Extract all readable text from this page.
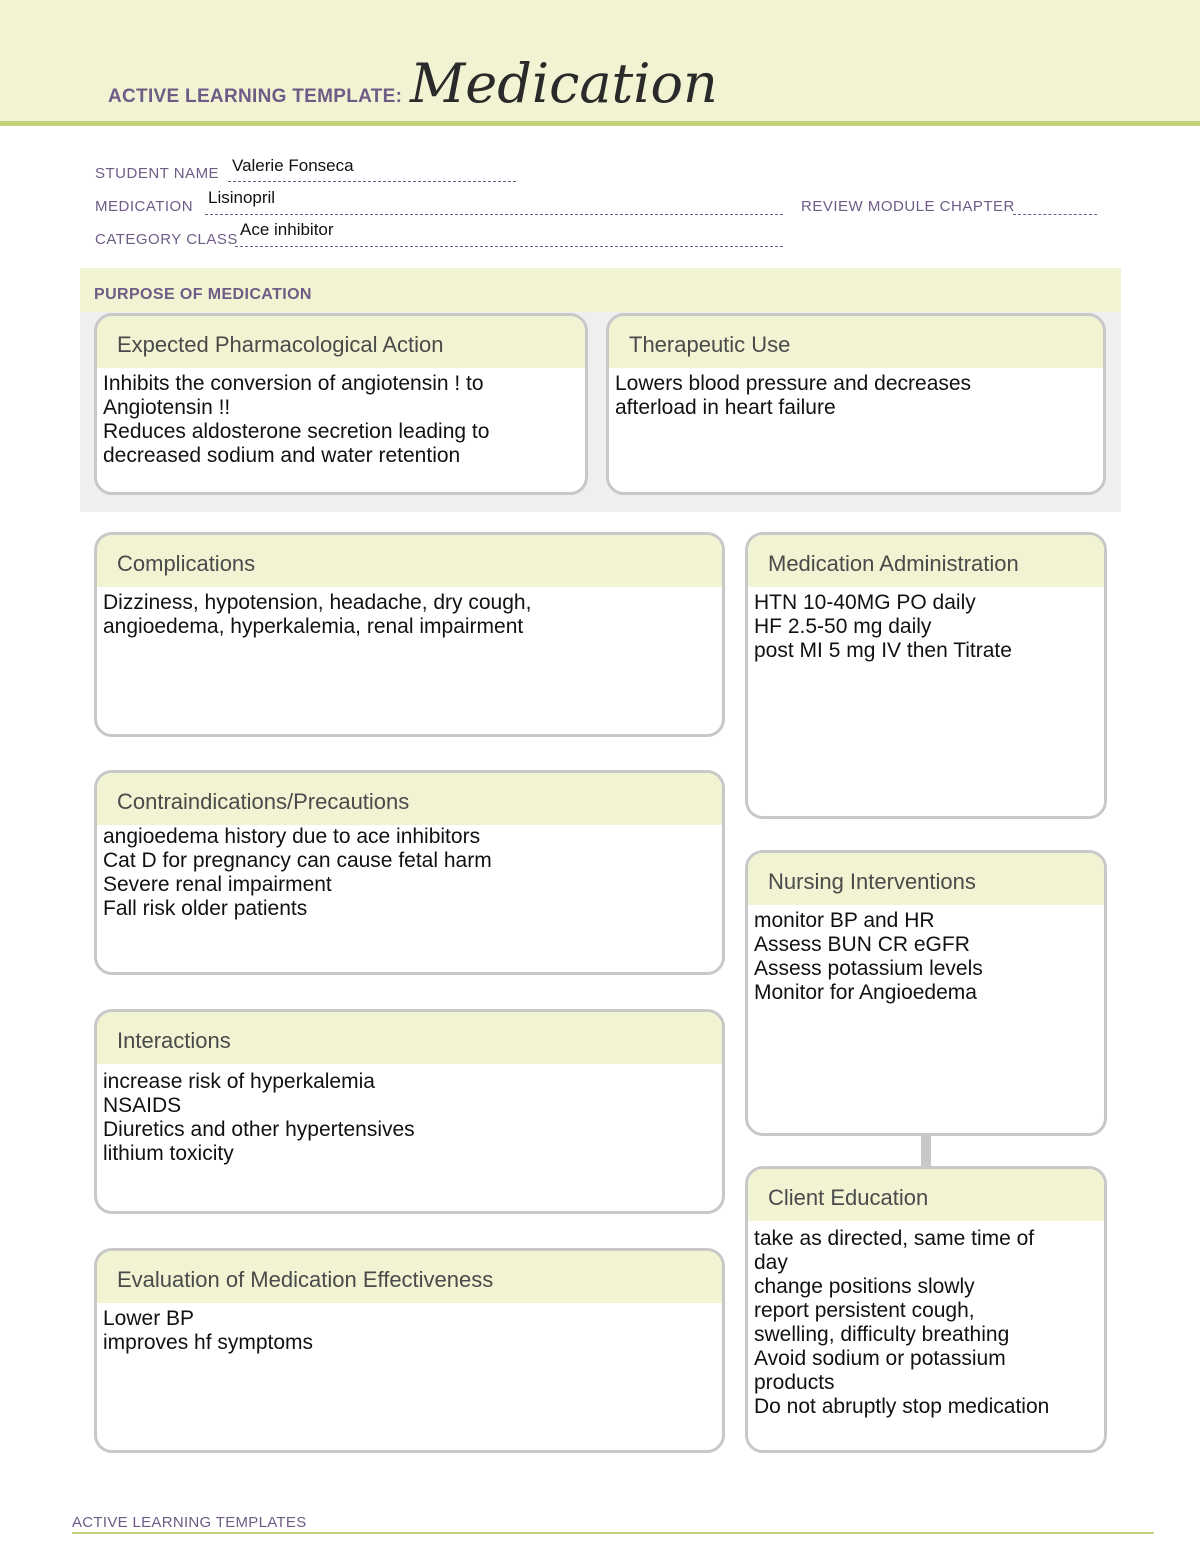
ACTIVE LEARNING TEMPLATE: Medication
STUDENT NAME Valerie Fonseca
MEDICATION Lisinopril	REVIEW MODULE CHAPTER
CATEGORY CLASS
Ace inhibitor
PURPOSE OF MEDICATION
Expected Pharmacological Action
Inhibits the conversion of angiotensin ! to
Angiotensin !!
Reduces aldosterone secretion leading to
decreased sodium and water retention
Therapeutic Use
Lowers blood pressure and decreases
afterload in heart failure
Complications
Dizziness, hypotension, headache, dry cough,
angioedema, hyperkalemia, renal impairment
Contraindications/Precautions
angioedema history due to ace inhibitors
Cat D for pregnancy can cause fetal harm
Severe renal impairment
Fall risk older patients
Interactions
increase risk of hyperkalemia
NSAIDS
Diuretics and other hypertensives
lithium toxicity
Evaluation of Medication Effectiveness
Lower BP
improves hf symptoms
Medication Administration
HTN 10-40MG PO daily
HF 2.5-50 mg daily
post MI 5 mg IV then Titrate
Nursing Interventions
monitor BP and HR
Assess BUN CR eGFR
Assess potassium levels
Monitor for Angioedema
Client Education
take as directed, same time of
day
change positions slowly
report persistent cough,
swelling, difficulty breathing
Avoid sodium or potassium
products
Do not abruptly stop medication
ACTIVE LEARNING TEMPLATES
